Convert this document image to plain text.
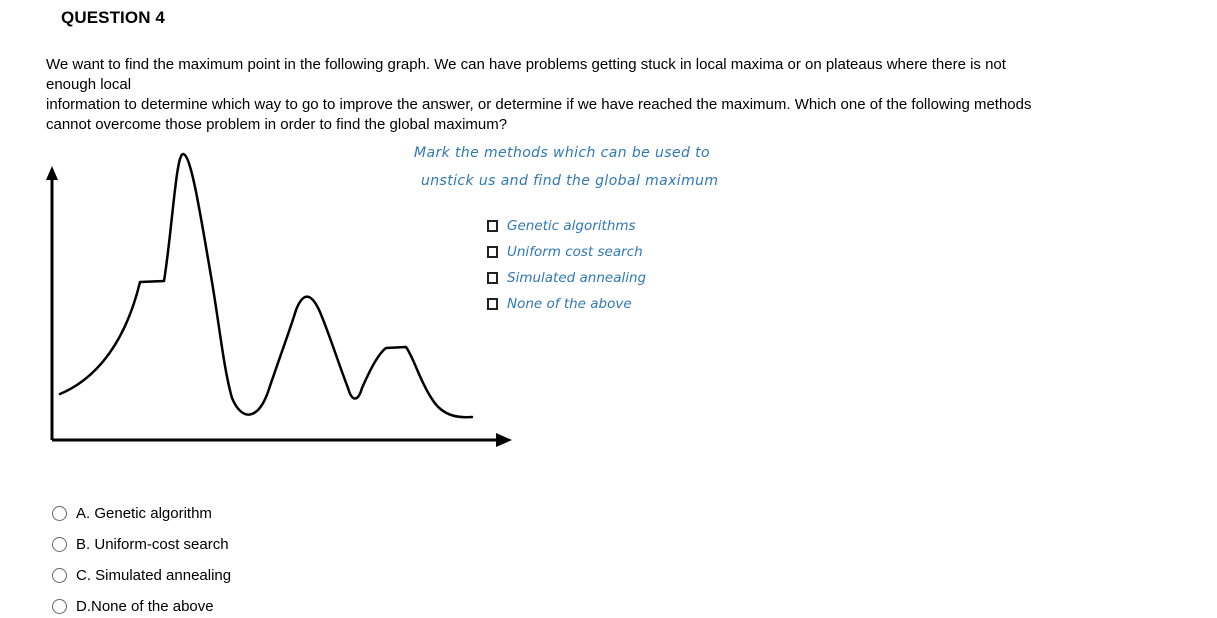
QUESTION 4
We want to find the maximum point in the following graph. We can have problems getting stuck in local maxima or on plateaus where there is not
enough local
information to determine which way to go to improve the answer, or determine if we have reached the maximum. Which one of the following methods
cannot overcome those problem in order to find the global maximum?
Mark the methods which can be used to
unstick us and find the global maximum
Genetic algorithms
Uniform cost search
Simulated annealing
None of the above
A.
Genetic algorithm
B.
Uniform-cost search
C.
Simulated annealing
D. None of the above
